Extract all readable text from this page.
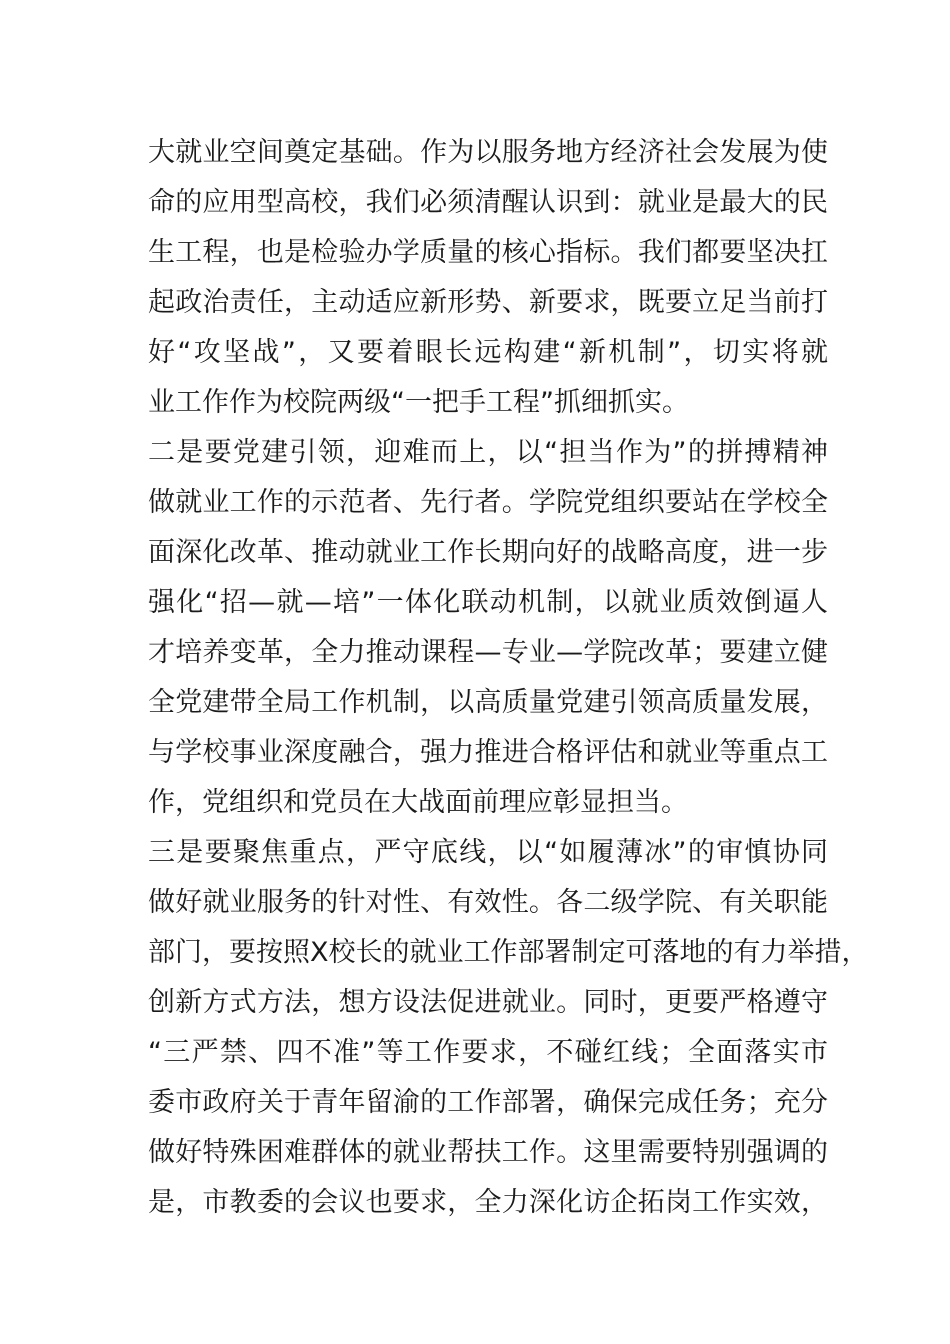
大就业空间奠定基础。作为以服务地方经济社会发展为使
命的应用型高校，我们必须清醒认识到：就业是最大的民
生工程，也是检验办学质量的核心指标。我们都要坚决扛
起政治责任，主动适应新形势、新要求，既要立足当前打
好“攻坚战”，又要着眼长远构建“新机制”，切实将就
业工作作为校院两级“一把手工程”抓细抓实。
二是要党建引领，迎难而上，以“担当作为”的拼搏精神
做就业工作的示范者、先行者。学院党组织要站在学校全
面深化改革、推动就业工作长期向好的战略高度，进一步
强化“招—就—培”一体化联动机制，以就业质效倒逼人
才培养变革，全力推动课程—专业—学院改革；要建立健
全党建带全局工作机制，以高质量党建引领高质量发展，
与学校事业深度融合，强力推进合格评估和就业等重点工
作，党组织和党员在大战面前理应彰显担当。
三是要聚焦重点，严守底线，以“如履薄冰”的审慎协同
做好就业服务的针对性、有效性。各二级学院、有关职能
部门，要按照X校长的就业工作部署制定可落地的有力举措，
创新方式方法，想方设法促进就业。同时，更要严格遵守
“三严禁、四不准”等工作要求，不碰红线；全面落实市
委市政府关于青年留渝的工作部署，确保完成任务；充分
做好特殊困难群体的就业帮扶工作。这里需要特别强调的
是，市教委的会议也要求，全力深化访企拓岗工作实效，
